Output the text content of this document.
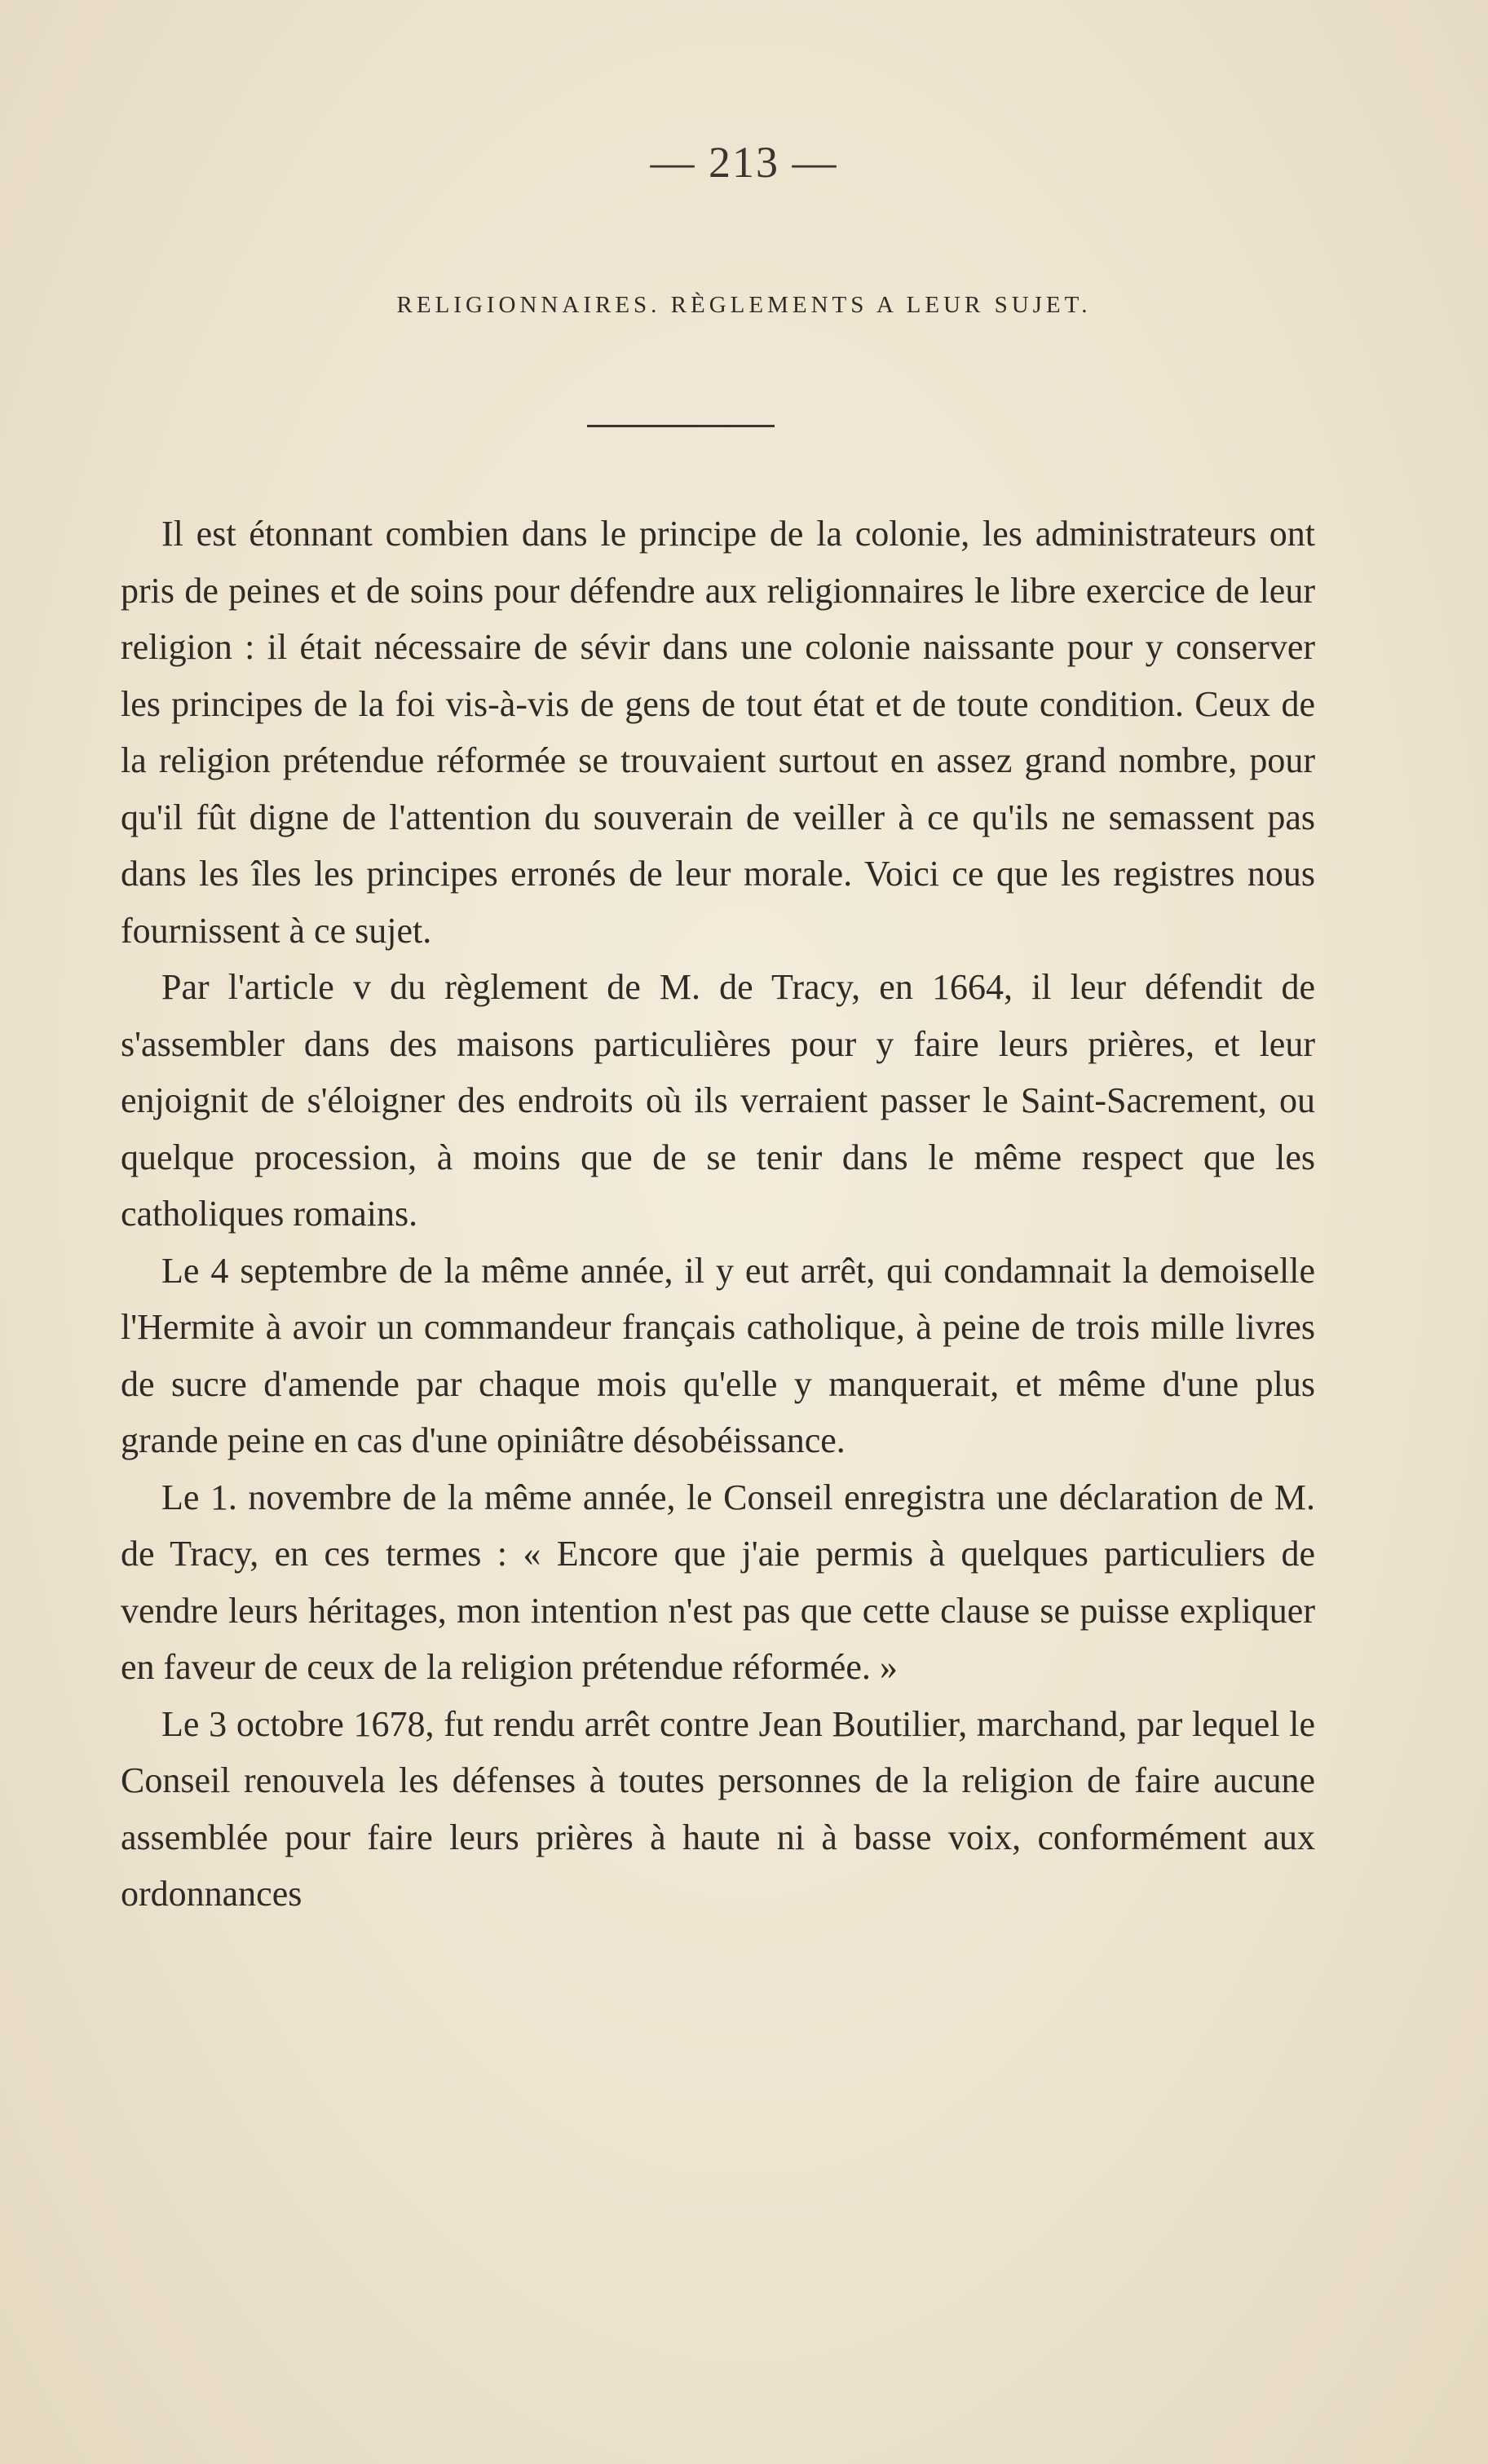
— 213 —
RELIGIONNAIRES. RÈGLEMENTS A LEUR SUJET.

Il est étonnant combien dans le principe de la colonie, les administrateurs ont pris de peines et de soins pour défendre aux religionnaires le libre exercice de leur religion : il était nécessaire de sévir dans une colonie naissante pour y conserver les principes de la foi vis-à-vis de gens de tout état et de toute condition. Ceux de la religion prétendue réformée se trouvaient surtout en assez grand nombre, pour qu'il fût digne de l'attention du souverain de veiller à ce qu'ils ne semassent pas dans les îles les principes erronés de leur morale. Voici ce que les registres nous fournissent à ce sujet.

Par l'article v du règlement de M. de Tracy, en 1664, il leur défendit de s'assembler dans des maisons particulières pour y faire leurs prières, et leur enjoignit de s'éloigner des endroits où ils verraient passer le Saint-Sacrement, ou quelque procession, à moins que de se tenir dans le même respect que les catholiques romains.

Le 4 septembre de la même année, il y eut arrêt, qui condamnait la demoiselle l'Hermite à avoir un commandeur français catholique, à peine de trois mille livres de sucre d'amende par chaque mois qu'elle y manquerait, et même d'une plus grande peine en cas d'une opiniâtre désobéissance.

Le 1. novembre de la même année, le Conseil enregistra une déclaration de M. de Tracy, en ces termes : « Encore que j'aie permis à quelques particuliers de vendre leurs héritages, mon intention n'est pas que cette clause se puisse expliquer en faveur de ceux de la religion prétendue réformée. »

Le 3 octobre 1678, fut rendu arrêt contre Jean Boutilier, marchand, par lequel le Conseil renouvela les défenses à toutes personnes de la religion de faire aucune assemblée pour faire leurs prières à haute ni à basse voix, conformément aux ordonnances
